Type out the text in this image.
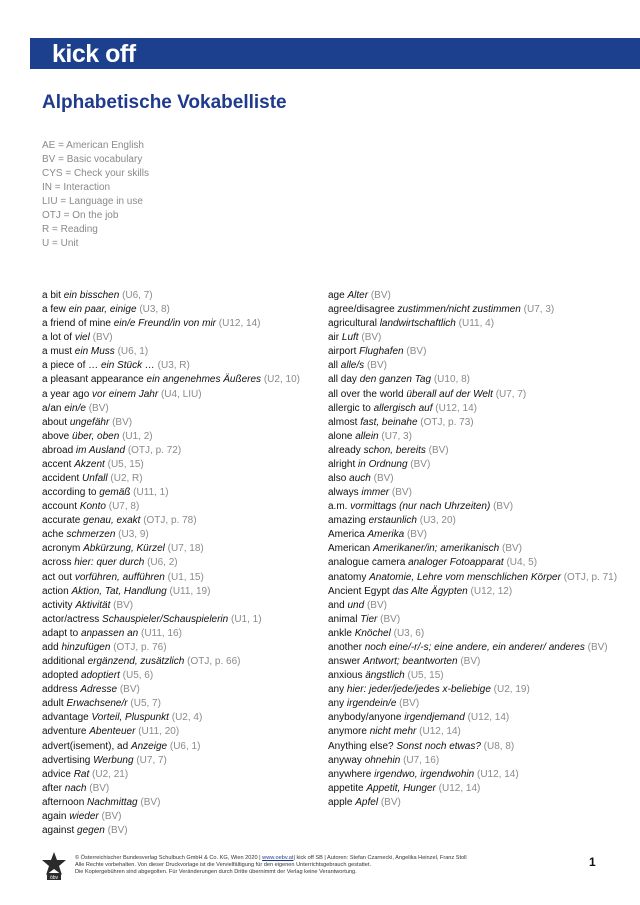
kick off
Alphabetische Vokabelliste
AE = American English
BV = Basic vocabulary
CYS = Check your skills
IN = Interaction
LIU = Language in use
OTJ = On the job
R = Reading
U = Unit
a bit ein bisschen (U6, 7)
a few ein paar, einige (U3, 8)
a friend of mine ein/e Freund/in von mir (U12, 14)
a lot of viel (BV)
a must ein Muss (U6, 1)
a piece of … ein Stück … (U3, R)
a pleasant appearance ein angenehmes Äußeres (U2, 10)
a year ago vor einem Jahr (U4, LIU)
a/an ein/e (BV)
about ungefähr (BV)
above über, oben (U1, 2)
abroad im Ausland (OTJ, p. 72)
accent Akzent (U5, 15)
accident Unfall (U2, R)
according to gemäß (U11, 1)
account Konto (U7, 8)
accurate genau, exakt (OTJ, p. 78)
ache schmerzen (U3, 9)
acronym Abkürzung, Kürzel (U7, 18)
across hier: quer durch (U6, 2)
act out vorführen, aufführen (U1, 15)
action Aktion, Tat, Handlung (U11, 19)
activity Aktivität (BV)
actor/actress Schauspieler/Schauspielerin (U1, 1)
adapt to anpassen an (U11, 16)
add hinzufügen (OTJ, p. 76)
additional ergänzend, zusätzlich (OTJ, p. 66)
adopted adoptiert (U5, 6)
address Adresse (BV)
adult Erwachsene/r (U5, 7)
advantage Vorteil, Pluspunkt (U2, 4)
adventure Abenteuer (U11, 20)
advert(isement), ad Anzeige (U6, 1)
advertising Werbung (U7, 7)
advice Rat (U2, 21)
after nach (BV)
afternoon Nachmittag (BV)
again wieder (BV)
against gegen (BV)
age Alter (BV)
agree/disagree zustimmen/nicht zustimmen (U7, 3)
agricultural landwirtschaftlich (U11, 4)
air Luft (BV)
airport Flughafen (BV)
all alle/s (BV)
all day den ganzen Tag (U10, 8)
all over the world überall auf der Welt (U7, 7)
allergic to allergisch auf (U12, 14)
almost fast, beinahe (OTJ, p. 73)
alone allein (U7, 3)
already schon, bereits (BV)
alright in Ordnung (BV)
also auch (BV)
always immer (BV)
a.m. vormittags (nur nach Uhrzeiten) (BV)
amazing erstaunlich (U3, 20)
America Amerika (BV)
American Amerikaner/in; amerikanisch (BV)
analogue camera analoger Fotoapparat (U4, 5)
anatomy Anatomie, Lehre vom menschlichen Körper (OTJ, p. 71)
Ancient Egypt das Alte Ägypten (U12, 12)
and und (BV)
animal Tier (BV)
ankle Knöchel (U3, 6)
another noch eine/-r/-s; eine andere, ein anderer/ anderes (BV)
answer Antwort; beantworten (BV)
anxious ängstlich (U5, 15)
any hier: jeder/jede/jedes x-beliebige (U2, 19)
any irgendein/e (BV)
anybody/anyone irgendjemand (U12, 14)
anymore nicht mehr (U12, 14)
Anything else? Sonst noch etwas? (U8, 8)
anyway ohnehin (U7, 16)
anywhere irgendwo, irgendwohin (U12, 14)
appetite Appetit, Hunger (U12, 14)
apple Apfel (BV)
öbv
© Österreichischer Bundesverlag Schulbuch GmbH & Co. KG, Wien 2020 | www.oebv.at| kick off SB | Autoren: Stefan Czarnecki, Angelika Heinzel, Franz Stoll
Alle Rechte vorbehalten. Von dieser Druckvorlage ist die Vervielfältigung für den eigenen Unterrichtsgebrauch gestattet.
Die Kopiergebühren sind abgegolten. Für Veränderungen durch Dritte übernimmt der Verlag keine Verantwortung.
1
